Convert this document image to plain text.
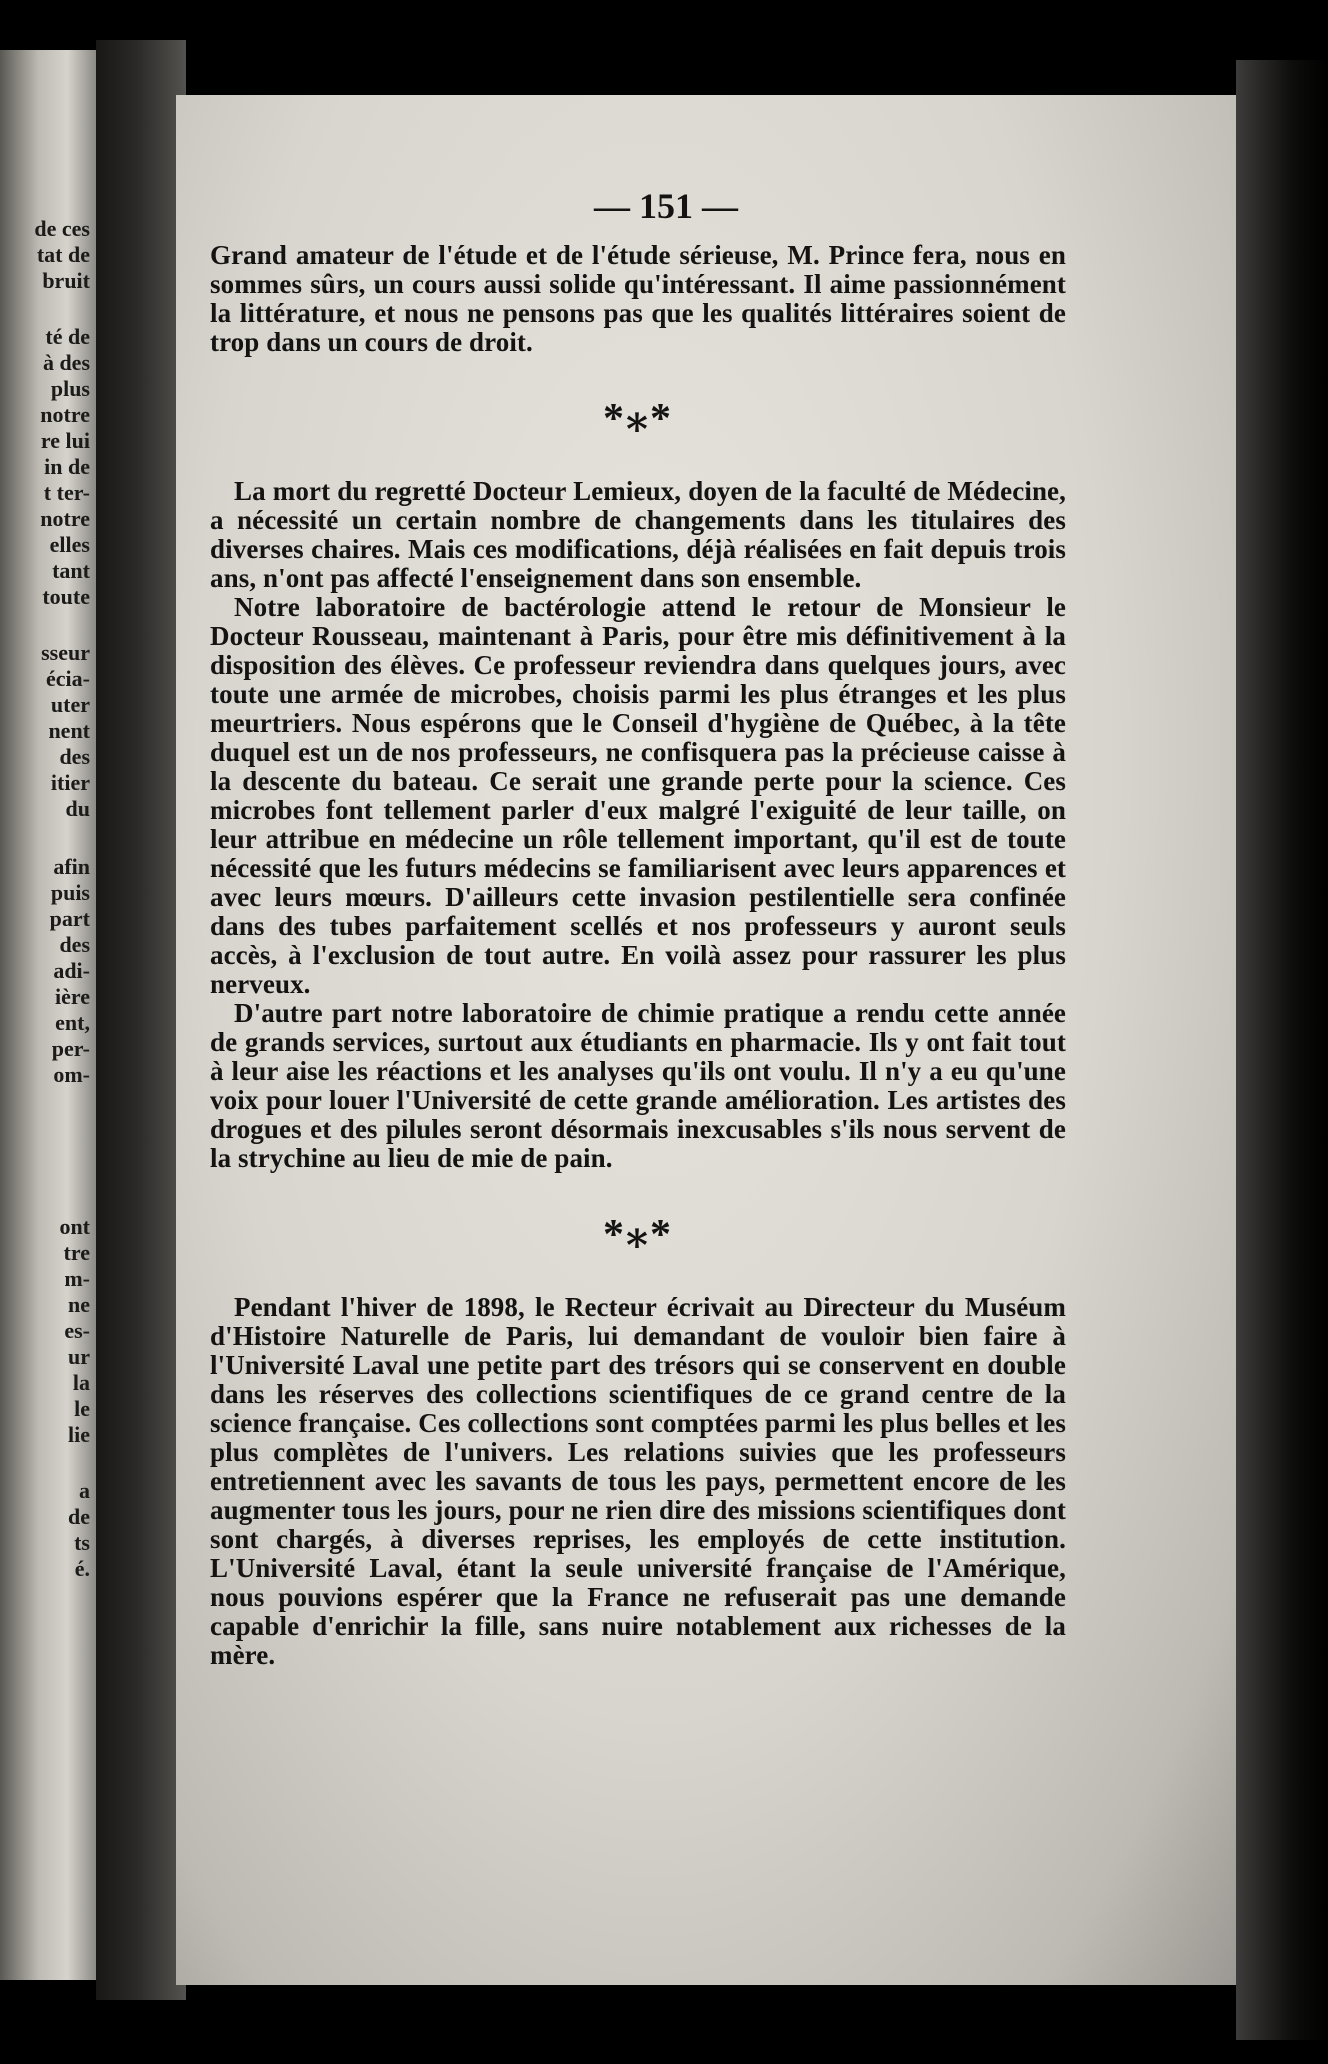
de ces

tat de

bruit

té de

à des

plus

notre

re lui

in de

t ter-

notre

elles

tant

toute

sseur

écia-

uter

nent

des

itier

du

afin

puis

part

des

adi-

ière

ent,

per-

om-

ont

tre

m-

ne

es-

ur

la

le

lie

a

de

ts

é.

— 151 —

Grand amateur de l'étude et de l'étude sérieuse, M. Prince fera, nous en sommes sûrs, un cours aussi solide qu'intéressant. Il aime passionnément la littérature, et nous ne pensons pas que les qualités littéraires soient de trop dans un cours de droit.

*⁎*

La mort du regretté Docteur Lemieux, doyen de la faculté de Médecine, a nécessité un certain nombre de changements dans les titulaires des diverses chaires. Mais ces modifications, déjà réalisées en fait depuis trois ans, n'ont pas affecté l'enseignement dans son ensemble.

Notre laboratoire de bactérologie attend le retour de Monsieur le Docteur Rousseau, maintenant à Paris, pour être mis définitivement à la disposition des élèves. Ce professeur reviendra dans quelques jours, avec toute une armée de microbes, choisis parmi les plus étranges et les plus meurtriers. Nous espérons que le Conseil d'hygiène de Québec, à la tête duquel est un de nos professeurs, ne confisquera pas la précieuse caisse à la descente du bateau. Ce serait une grande perte pour la science. Ces microbes font tellement parler d'eux malgré l'exiguité de leur taille, on leur attribue en médecine un rôle tellement important, qu'il est de toute nécessité que les futurs médecins se familiarisent avec leurs apparences et avec leurs mœurs. D'ailleurs cette invasion pestilentielle sera confinée dans des tubes parfaitement scellés et nos professeurs y auront seuls accès, à l'exclusion de tout autre. En voilà assez pour rassurer les plus nerveux.

D'autre part notre laboratoire de chimie pratique a rendu cette année de grands services, surtout aux étudiants en pharmacie. Ils y ont fait tout à leur aise les réactions et les analyses qu'ils ont voulu. Il n'y a eu qu'une voix pour louer l'Université de cette grande amélioration. Les artistes des drogues et des pilules seront désormais inexcusables s'ils nous servent de la strychine au lieu de mie de pain.

*⁎*

Pendant l'hiver de 1898, le Recteur écrivait au Directeur du Muséum d'Histoire Naturelle de Paris, lui demandant de vouloir bien faire à l'Université Laval une petite part des trésors qui se conservent en double dans les réserves des collections scientifiques de ce grand centre de la science française. Ces collections sont comptées parmi les plus belles et les plus complètes de l'univers. Les relations suivies que les professeurs entretiennent avec les savants de tous les pays, permettent encore de les augmenter tous les jours, pour ne rien dire des missions scientifiques dont sont chargés, à diverses reprises, les employés de cette institution. L'Université Laval, étant la seule université française de l'Amérique, nous pouvions espérer que la France ne refuserait pas une demande capable d'enrichir la fille, sans nuire notablement aux richesses de la mère.
